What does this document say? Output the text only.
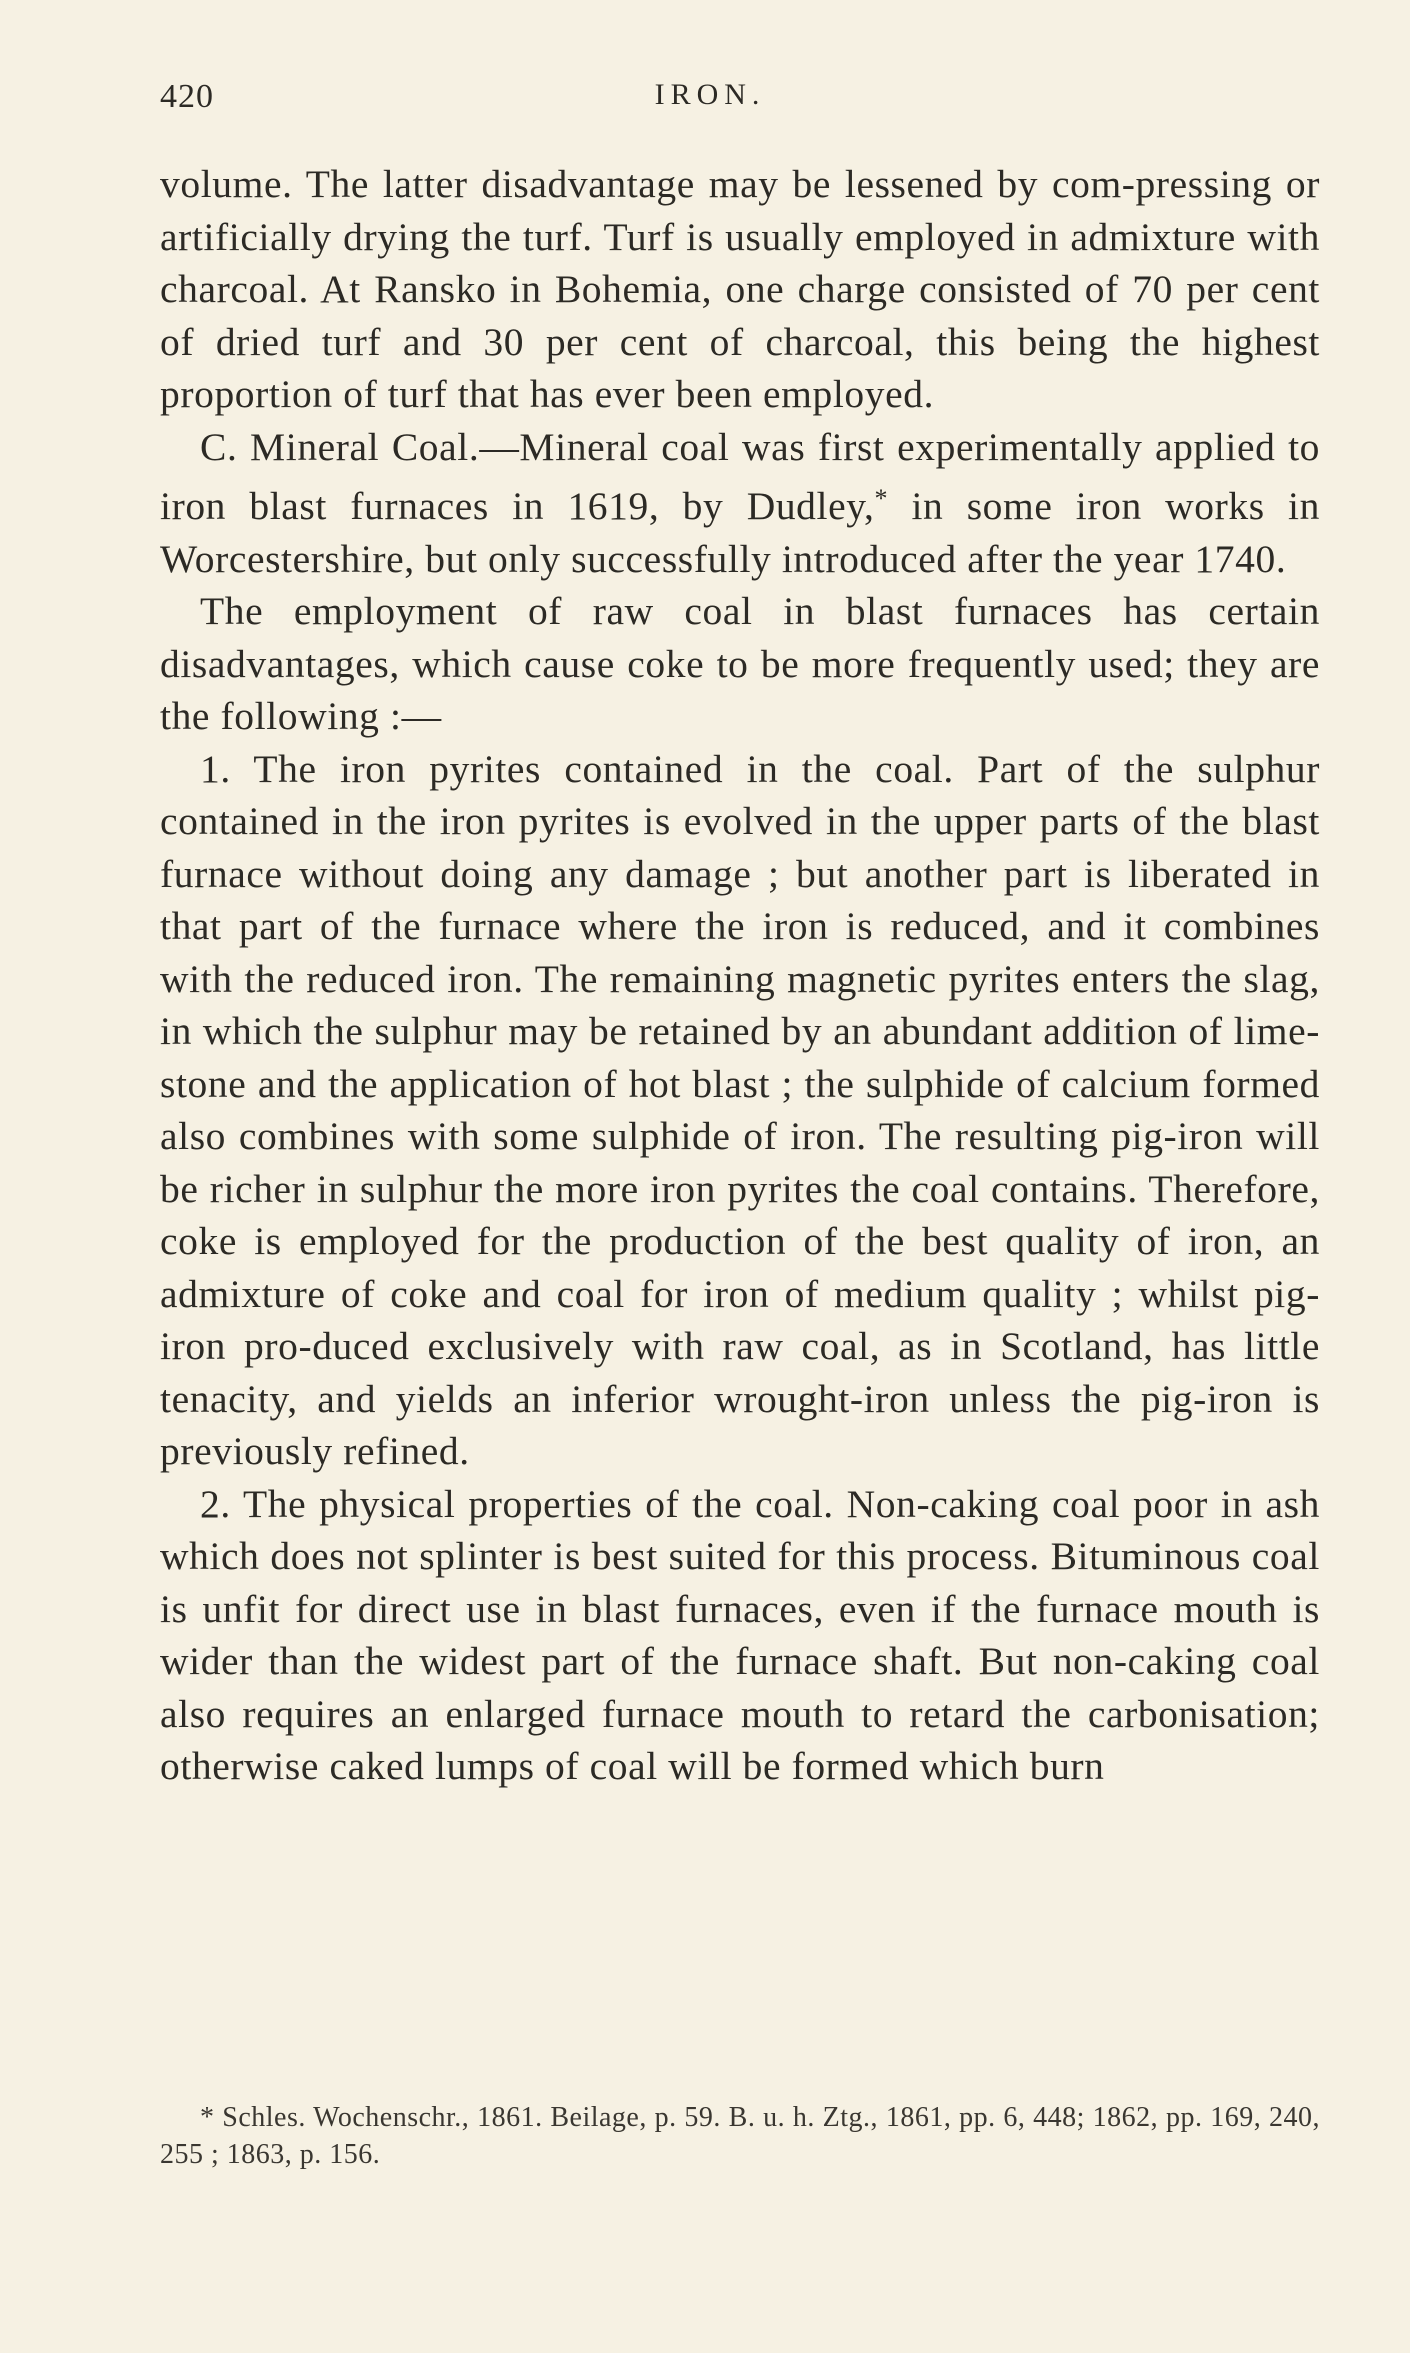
420	IRON.

volume. The latter disadvantage may be lessened by com-pressing or artificially drying the turf. Turf is usually employed in admixture with charcoal. At Ransko in Bohemia, one charge consisted of 70 per cent of dried turf and 30 per cent of charcoal, this being the highest proportion of turf that has ever been employed.

C. Mineral Coal.—Mineral coal was first experimentally applied to iron blast furnaces in 1619, by Dudley,* in some iron works in Worcestershire, but only successfully introduced after the year 1740.

The employment of raw coal in blast furnaces has certain disadvantages, which cause coke to be more frequently used; they are the following :—

1. The iron pyrites contained in the coal. Part of the sulphur contained in the iron pyrites is evolved in the upper parts of the blast furnace without doing any damage ; but another part is liberated in that part of the furnace where the iron is reduced, and it combines with the reduced iron. The remaining magnetic pyrites enters the slag, in which the sulphur may be retained by an abundant addition of lime-stone and the application of hot blast ; the sulphide of calcium formed also combines with some sulphide of iron. The resulting pig-iron will be richer in sulphur the more iron pyrites the coal contains. Therefore, coke is employed for the production of the best quality of iron, an admixture of coke and coal for iron of medium quality ; whilst pig-iron pro-duced exclusively with raw coal, as in Scotland, has little tenacity, and yields an inferior wrought-iron unless the pig-iron is previously refined.

2. The physical properties of the coal. Non-caking coal poor in ash which does not splinter is best suited for this process. Bituminous coal is unfit for direct use in blast furnaces, even if the furnace mouth is wider than the widest part of the furnace shaft. But non-caking coal also requires an enlarged furnace mouth to retard the carbonisation; otherwise caked lumps of coal will be formed which burn

* Schles. Wochenschr., 1861. Beilage, p. 59. B. u. h. Ztg., 1861, pp. 6, 448; 1862, pp. 169, 240, 255 ; 1863, p. 156.
